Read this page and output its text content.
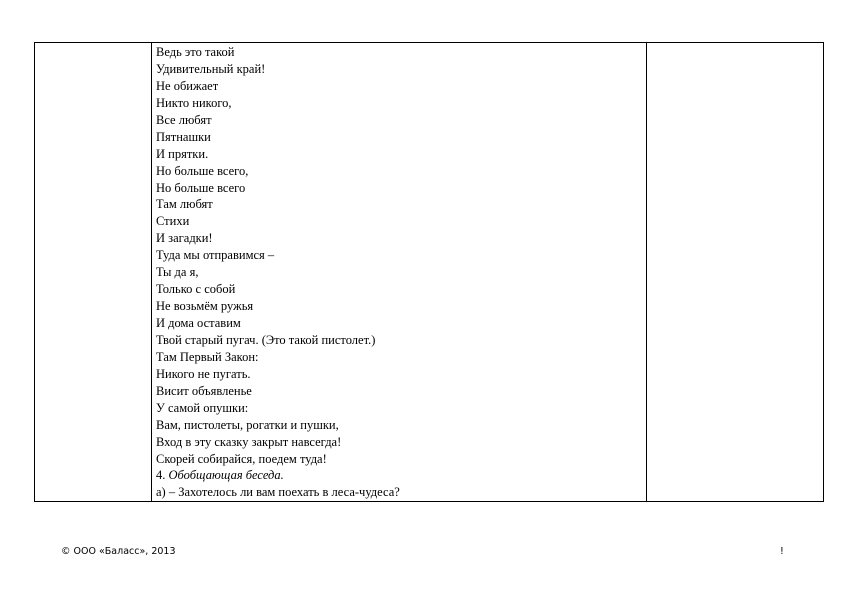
Ведь это такой
Удивительный край!
Не обижает
Никто никого,
Все любят
Пятнашки
И прятки.
Но больше всего,
Но больше всего
Там любят
Стихи
И загадки!
Туда мы отправимся –
Ты да я,
Только с собой
Не возьмём ружья
И дома оставим
Твой старый пугач. (Это такой пистолет.)
Там Первый Закон:
Никого не пугать.
Висит объявленье
У самой опушки:
Вам, пистолеты, рогатки и пушки,
Вход в эту сказку закрыт навсегда!
Скорей собирайся, поедем туда!
4. Обобщающая беседа.
а) – Захотелось ли вам поехать в леса-чудеса?

© ООО «Баласс», 2013	!
